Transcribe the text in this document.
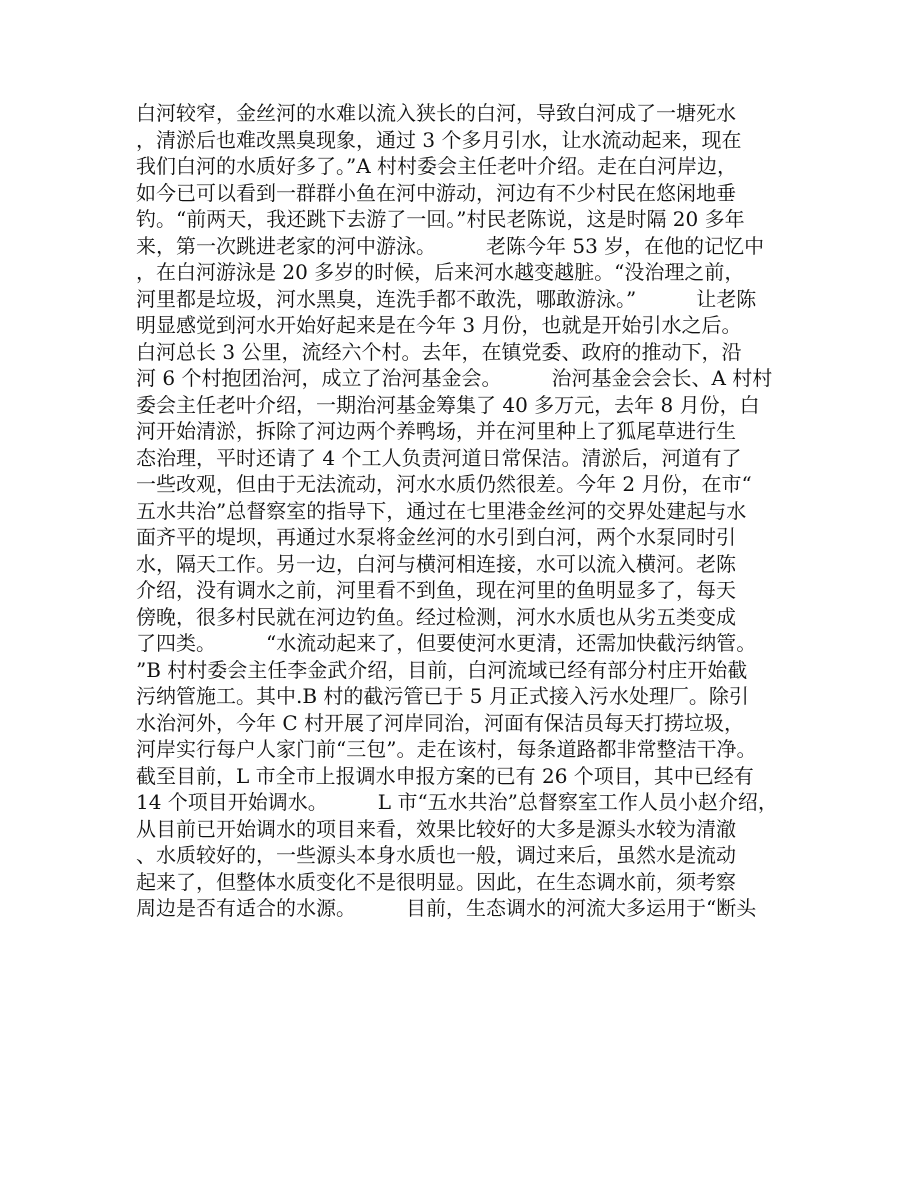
白河较窄，金丝河的水难以流入狭长的白河，导致白河成了一塘死水
，清淤后也难改黑臭现象，通过 3 个多月引水，让水流动起来，现在
我们白河的水质好多了。”A 村村委会主任老叶介绍。走在白河岸边，
如今已可以看到一群群小鱼在河中游动，河边有不少村民在悠闲地垂
钓。“前两天，我还跳下去游了一回。”村民老陈说，这是时隔 20 多年
来，第一次跳进老家的河中游泳。　　　老陈今年 53 岁，在他的记忆中
，在白河游泳是 20 多岁的时候，后来河水越变越脏。“没治理之前，
河里都是垃圾，河水黑臭，连洗手都不敢洗，哪敢游泳。”　　　让老陈
明显感觉到河水开始好起来是在今年 3 月份，也就是开始引水之后。
白河总长 3 公里，流经六个村。去年，在镇党委、政府的推动下，沿
河 6 个村抱团治河，成立了治河基金会。　　　治河基金会会长、A 村村
委会主任老叶介绍，一期治河基金筹集了 40 多万元，去年 8 月份，白
河开始清淤，拆除了河边两个养鸭场，并在河里种上了狐尾草进行生
态治理，平时还请了 4 个工人负责河道日常保洁。清淤后，河道有了
一些改观，但由于无法流动，河水水质仍然很差。今年 2 月份，在市“
五水共治”总督察室的指导下，通过在七里港金丝河的交界处建起与水
面齐平的堤坝，再通过水泵将金丝河的水引到白河，两个水泵同时引
水，隔天工作。另一边，白河与横河相连接，水可以流入横河。老陈
介绍，没有调水之前，河里看不到鱼，现在河里的鱼明显多了，每天
傍晚，很多村民就在河边钓鱼。经过检测，河水水质也从劣五类变成
了四类。　　　“水流动起来了，但要使河水更清，还需加快截污纳管。
”B 村村委会主任李金武介绍，目前，白河流域已经有部分村庄开始截
污纳管施工。其中.B 村的截污管已于 5 月正式接入污水处理厂。除引
水治河外，今年 C 村开展了河岸同治，河面有保洁员每天打捞垃圾，
河岸实行每户人家门前“三包”。走在该村，每条道路都非常整洁干净。
截至目前，L 市全市上报调水申报方案的已有 26 个项目，其中已经有
14 个项目开始调水。　　　L 市“五水共治”总督察室工作人员小赵介绍，
从目前已开始调水的项目来看，效果比较好的大多是源头水较为清澈
、水质较好的，一些源头本身水质也一般，调过来后，虽然水是流动
起来了，但整体水质变化不是很明显。因此，在生态调水前，须考察
周边是否有适合的水源。　　　目前，生态调水的河流大多运用于“断头
